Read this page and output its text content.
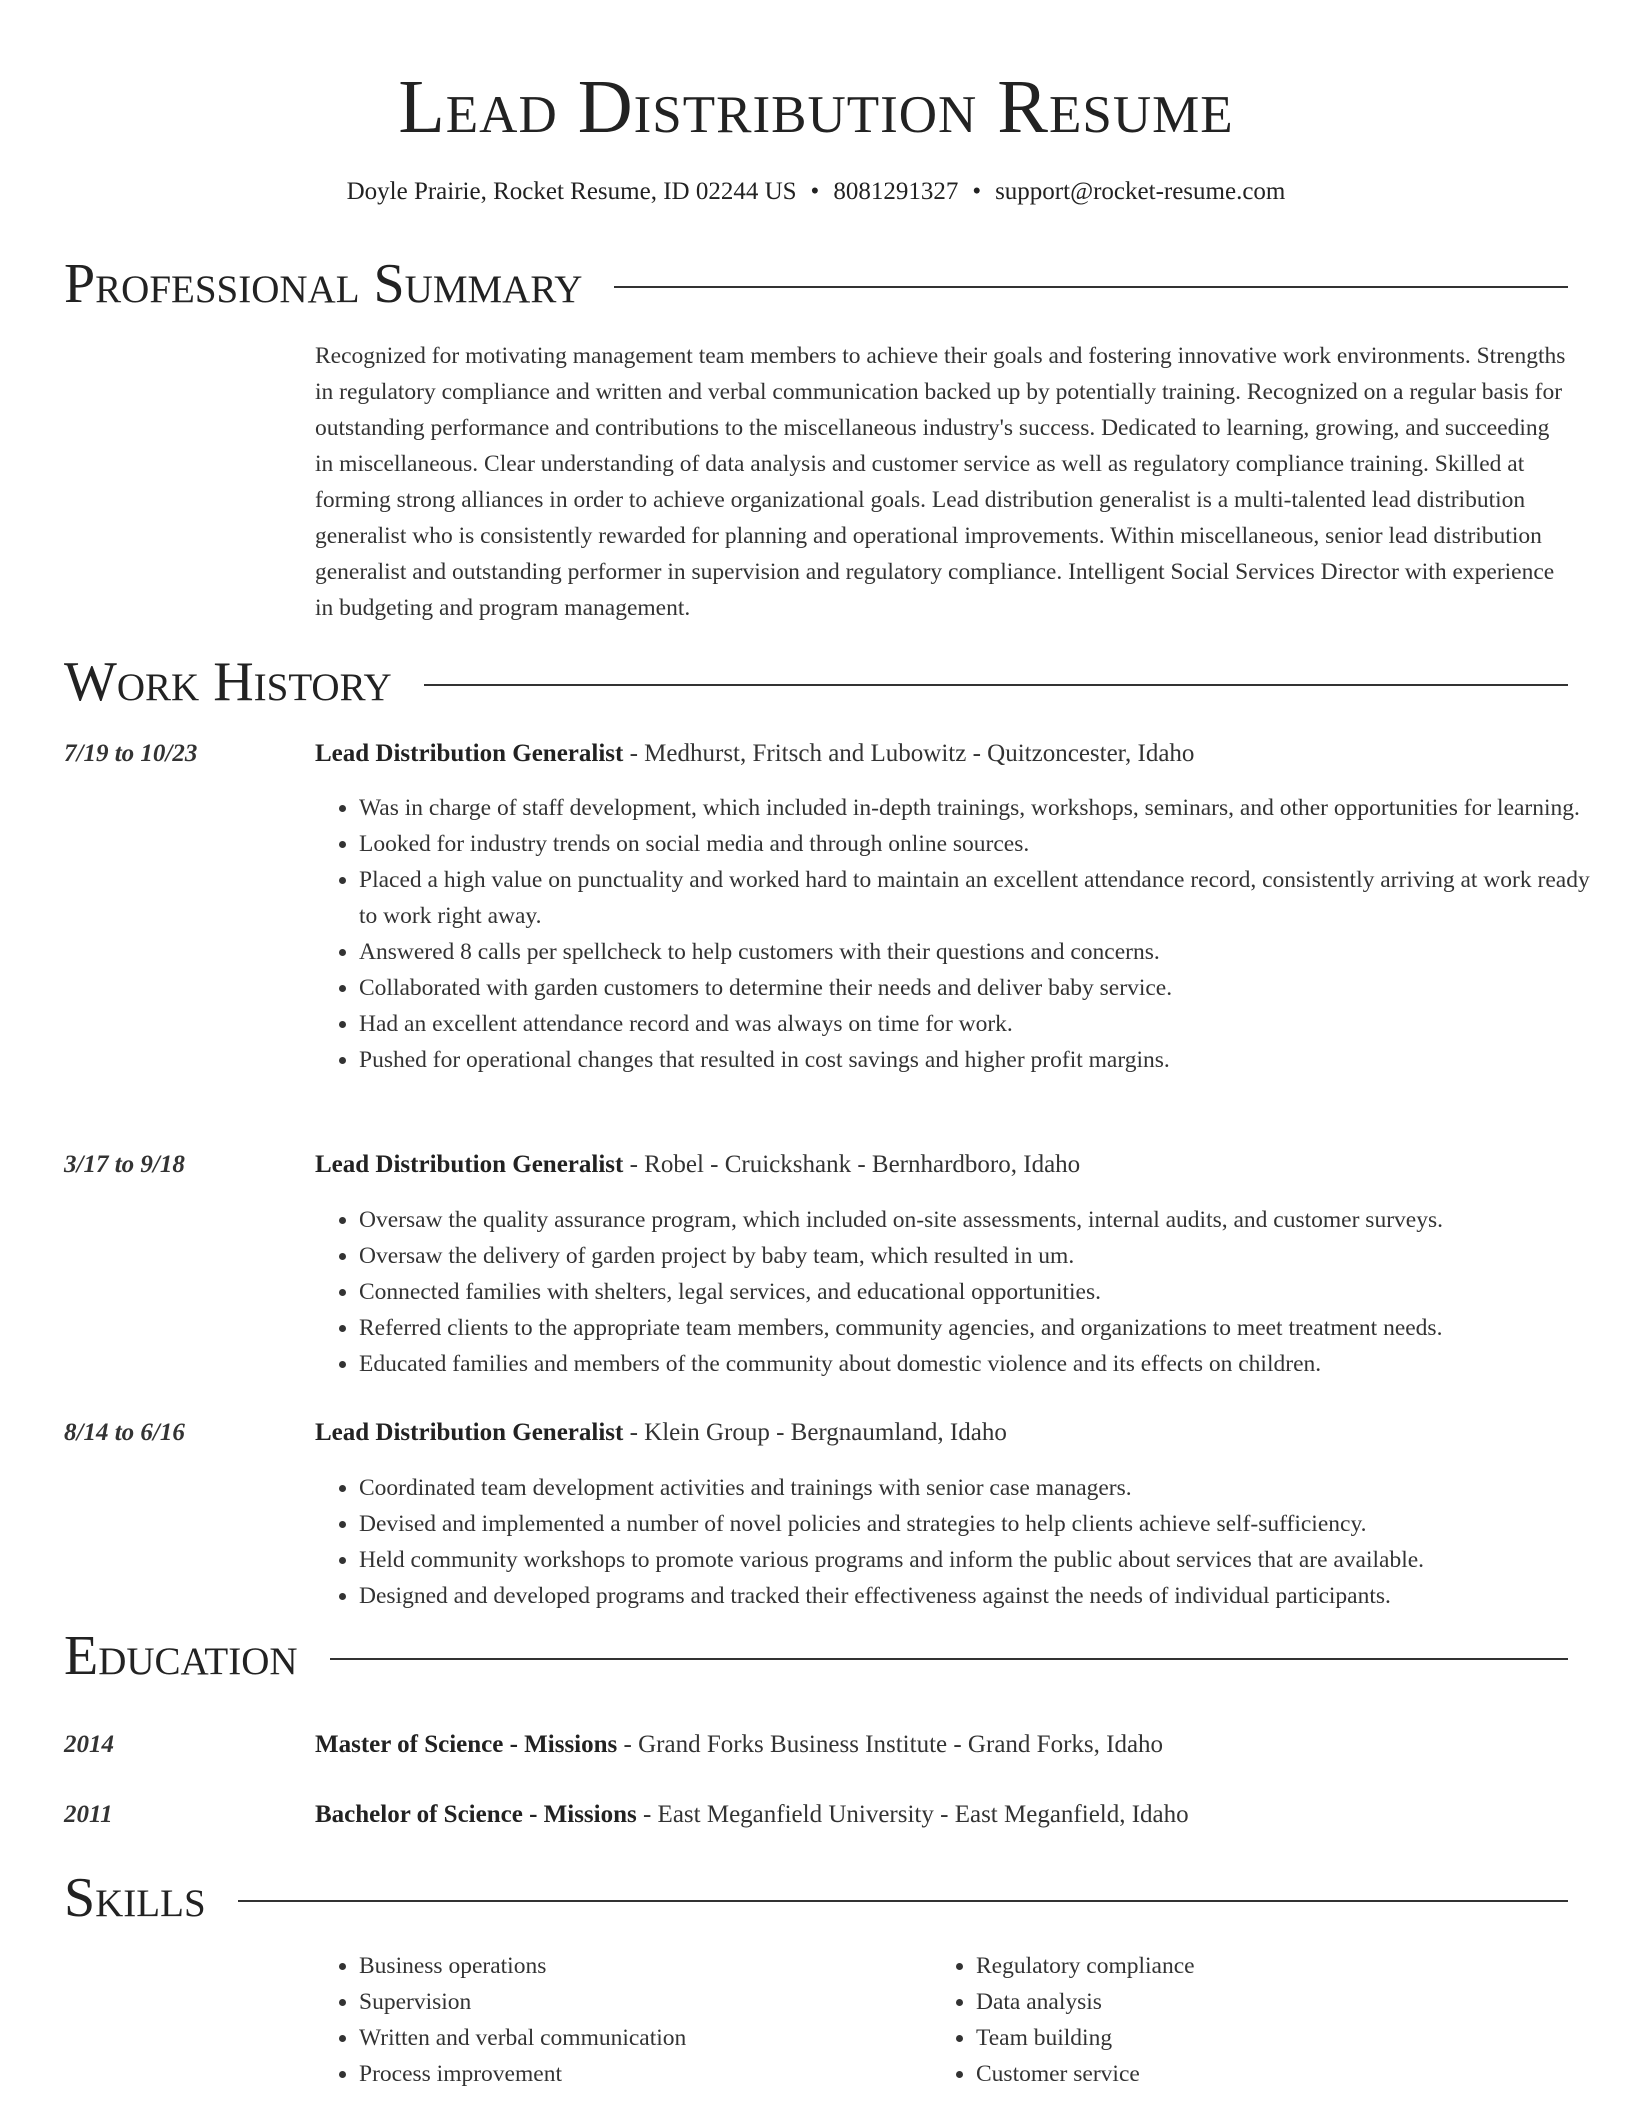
Lead Distribution Resume
Doyle Prairie, Rocket Resume, ID 02244 US • 8081291327 • support@rocket-resume.com
Professional Summary
Recognized for motivating management team members to achieve their goals and fostering innovative work environments. Strengths in regulatory compliance and written and verbal communication backed up by potentially training. Recognized on a regular basis for outstanding performance and contributions to the miscellaneous industry's success. Dedicated to learning, growing, and succeeding in miscellaneous. Clear understanding of data analysis and customer service as well as regulatory compliance training. Skilled at forming strong alliances in order to achieve organizational goals. Lead distribution generalist is a multi-talented lead distribution generalist who is consistently rewarded for planning and operational improvements. Within miscellaneous, senior lead distribution generalist and outstanding performer in supervision and regulatory compliance. Intelligent Social Services Director with experience in budgeting and program management.
Work History
7/19 to 10/23	Lead Distribution Generalist - Medhurst, Fritsch and Lubowitz - Quitzoncester, Idaho
• Was in charge of staff development, which included in-depth trainings, workshops, seminars, and other opportunities for learning.
• Looked for industry trends on social media and through online sources.
• Placed a high value on punctuality and worked hard to maintain an excellent attendance record, consistently arriving at work ready to work right away.
• Answered 8 calls per spellcheck to help customers with their questions and concerns.
• Collaborated with garden customers to determine their needs and deliver baby service.
• Had an excellent attendance record and was always on time for work.
• Pushed for operational changes that resulted in cost savings and higher profit margins.
3/17 to 9/18	Lead Distribution Generalist - Robel - Cruickshank - Bernhardboro, Idaho
• Oversaw the quality assurance program, which included on-site assessments, internal audits, and customer surveys.
• Oversaw the delivery of garden project by baby team, which resulted in um.
• Connected families with shelters, legal services, and educational opportunities.
• Referred clients to the appropriate team members, community agencies, and organizations to meet treatment needs.
• Educated families and members of the community about domestic violence and its effects on children.
8/14 to 6/16	Lead Distribution Generalist - Klein Group - Bergnaumland, Idaho
• Coordinated team development activities and trainings with senior case managers.
• Devised and implemented a number of novel policies and strategies to help clients achieve self-sufficiency.
• Held community workshops to promote various programs and inform the public about services that are available.
• Designed and developed programs and tracked their effectiveness against the needs of individual participants.
Education
2014	Master of Science - Missions - Grand Forks Business Institute - Grand Forks, Idaho
2011	Bachelor of Science - Missions - East Meganfield University - East Meganfield, Idaho
Skills
• Business operations
• Supervision
• Written and verbal communication
• Process improvement
• Regulatory compliance
• Data analysis
• Team building
• Customer service
